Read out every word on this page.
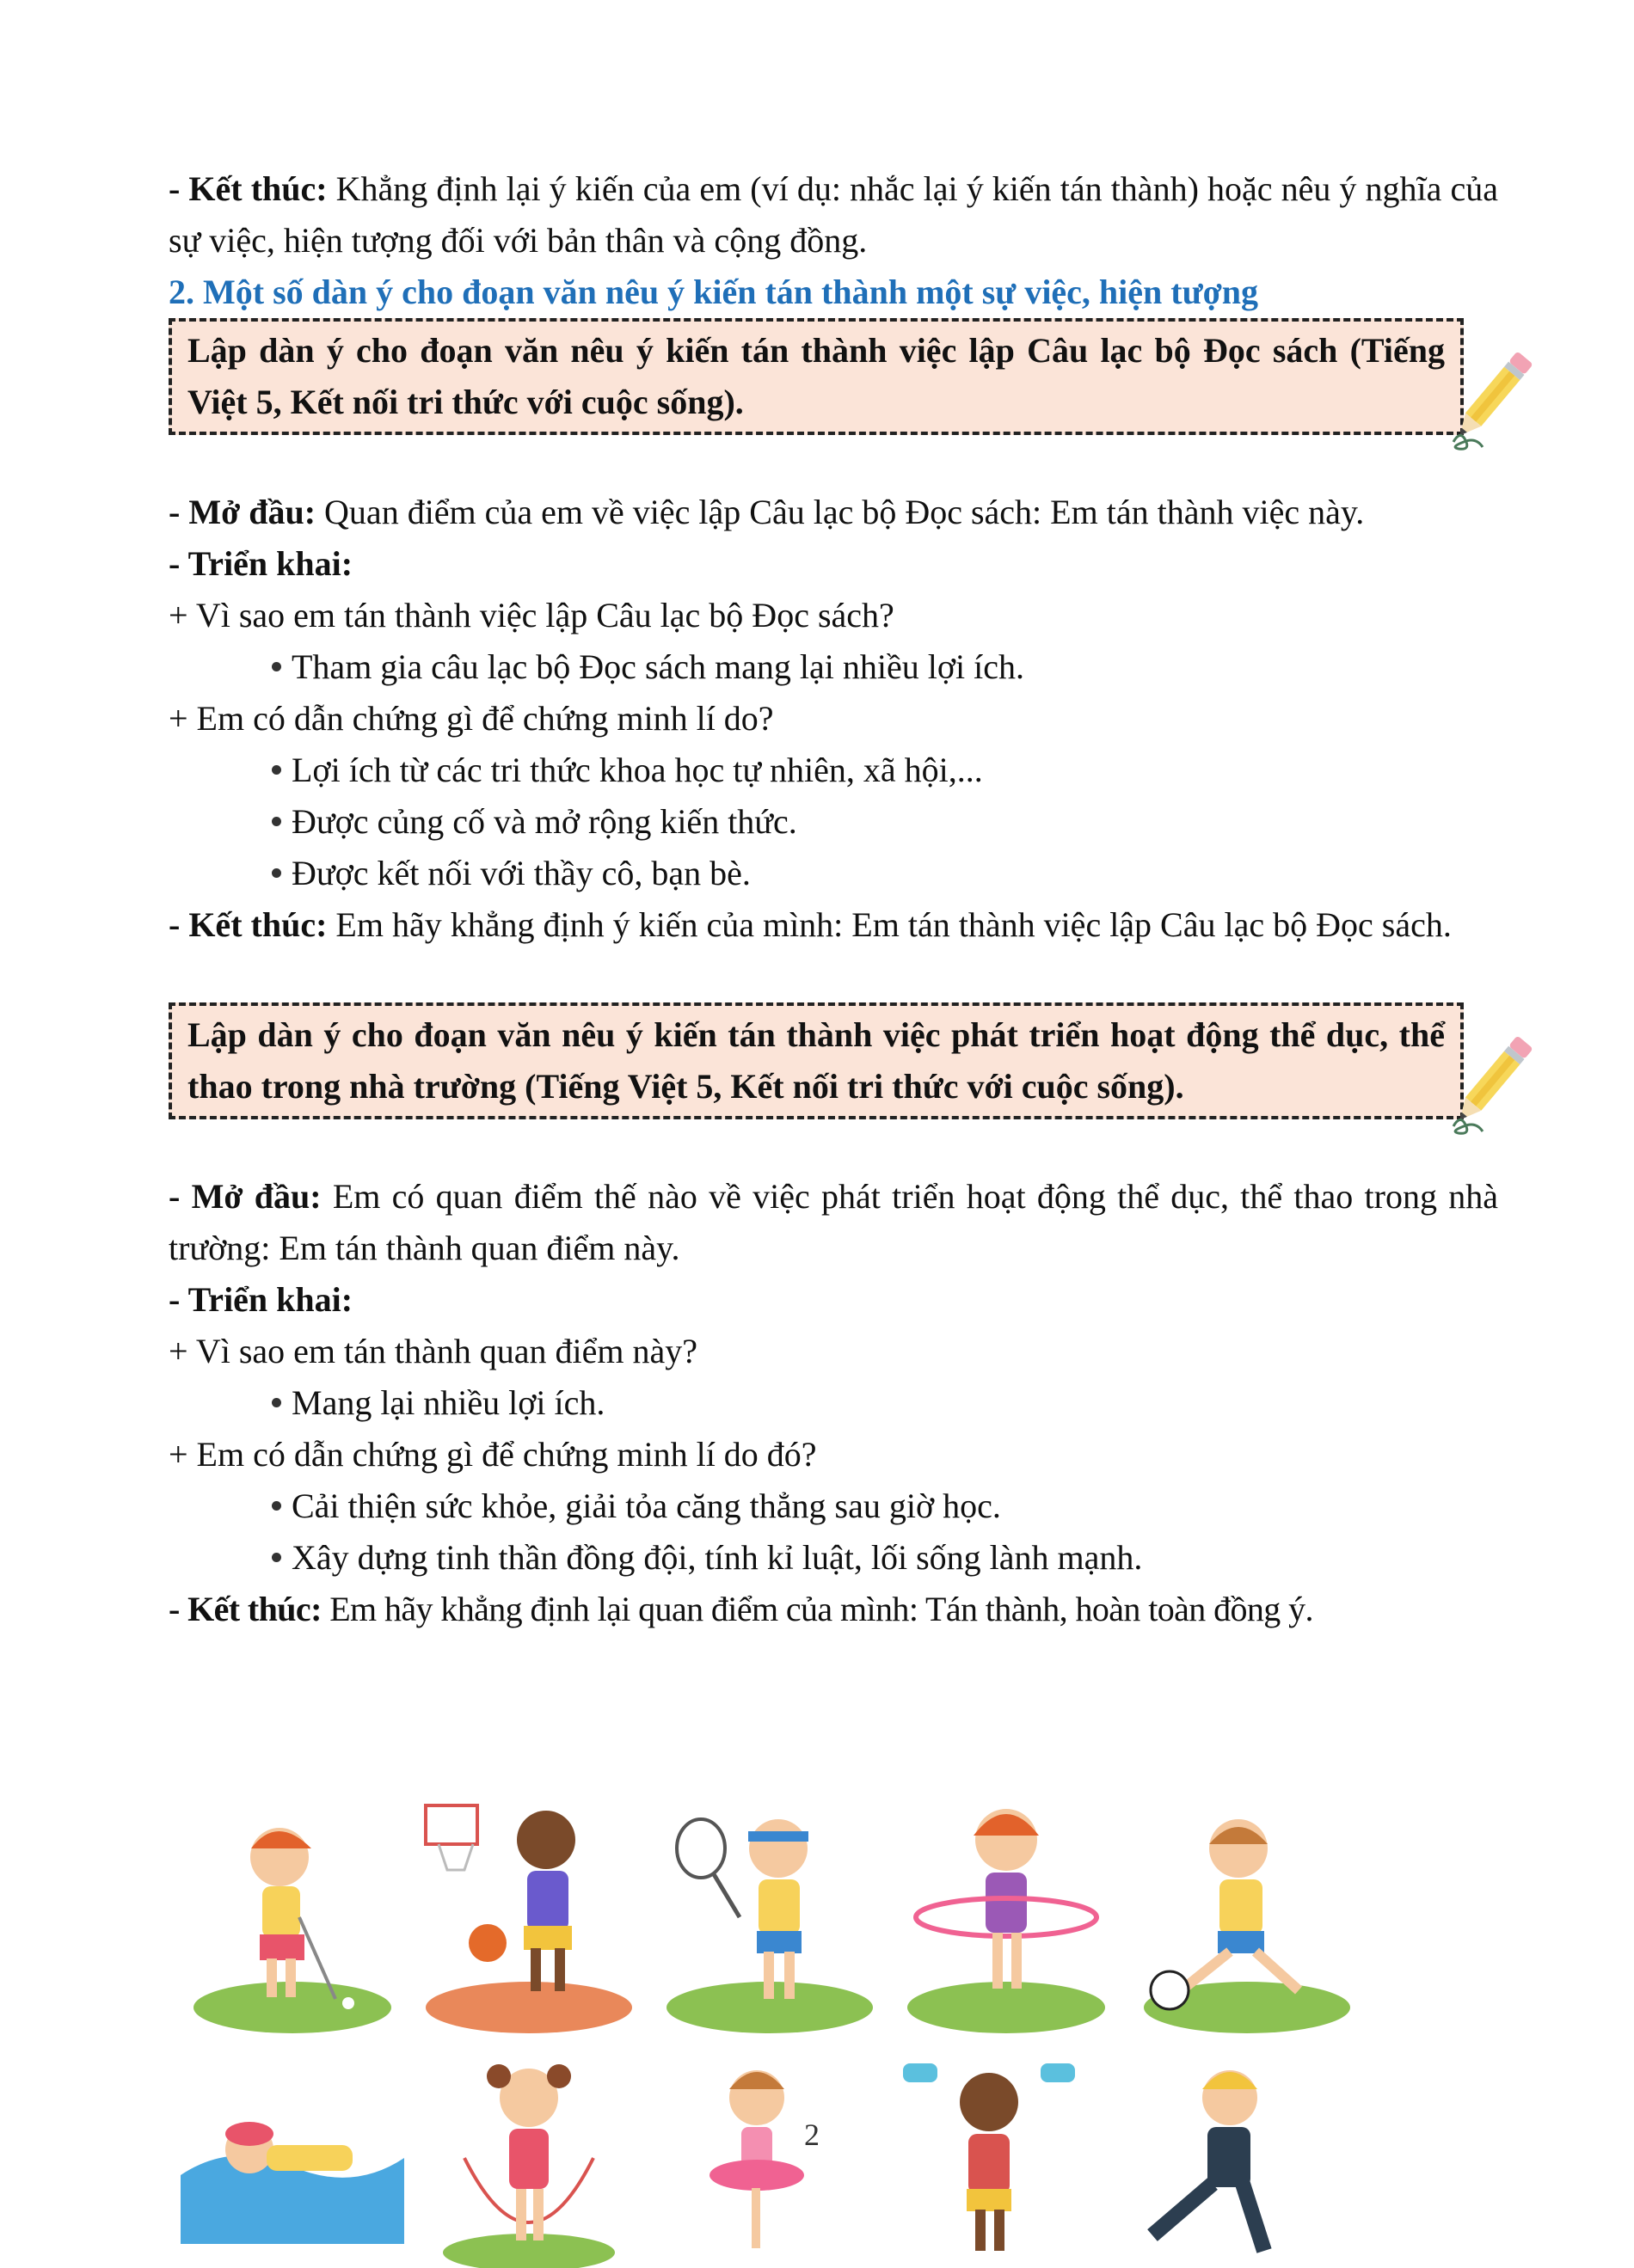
- Kết thúc: Khẳng định lại ý kiến của em (ví dụ: nhắc lại ý kiến tán thành) hoặc nêu ý nghĩa của sự việc, hiện tượng đối với bản thân và cộng đồng.

2. Một số dàn ý cho đoạn văn nêu ý kiến tán thành một sự việc, hiện tượng

Lập dàn ý cho đoạn văn nêu ý kiến tán thành việc lập Câu lạc bộ Đọc sách (Tiếng Việt 5, Kết nối tri thức với cuộc sống).

- Mở đầu: Quan điểm của em về việc lập Câu lạc bộ Đọc sách: Em tán thành việc này.

- Triển khai:

+ Vì sao em tán thành việc lập Câu lạc bộ Đọc sách?

Tham gia câu lạc bộ Đọc sách mang lại nhiều lợi ích.

+ Em có dẫn chứng gì để chứng minh lí do?

Lợi ích từ các tri thức khoa học tự nhiên, xã hội,...

Được củng cố và mở rộng kiến thức.

Được kết nối với thầy cô, bạn bè.

- Kết thúc: Em hãy khẳng định ý kiến của mình: Em tán thành việc lập Câu lạc bộ Đọc sách.

Lập dàn ý cho đoạn văn nêu ý kiến tán thành việc phát triển hoạt động thể dục, thể thao trong nhà trường (Tiếng Việt 5, Kết nối tri thức với cuộc sống).

- Mở đầu: Em có quan điểm thế nào về việc phát triển hoạt động thể dục, thể thao trong nhà trường: Em tán thành quan điểm này.

- Triển khai:

+ Vì sao em tán thành quan điểm này?

Mang lại nhiều lợi ích.

+ Em có dẫn chứng gì để chứng minh lí do đó?

Cải thiện sức khỏe, giải tỏa căng thẳng sau giờ học.

Xây dựng tinh thần đồng đội, tính kỉ luật, lối sống lành mạnh.

- Kết thúc: Em hãy khẳng định lại quan điểm của mình: Tán thành, hoàn toàn đồng ý.

2
